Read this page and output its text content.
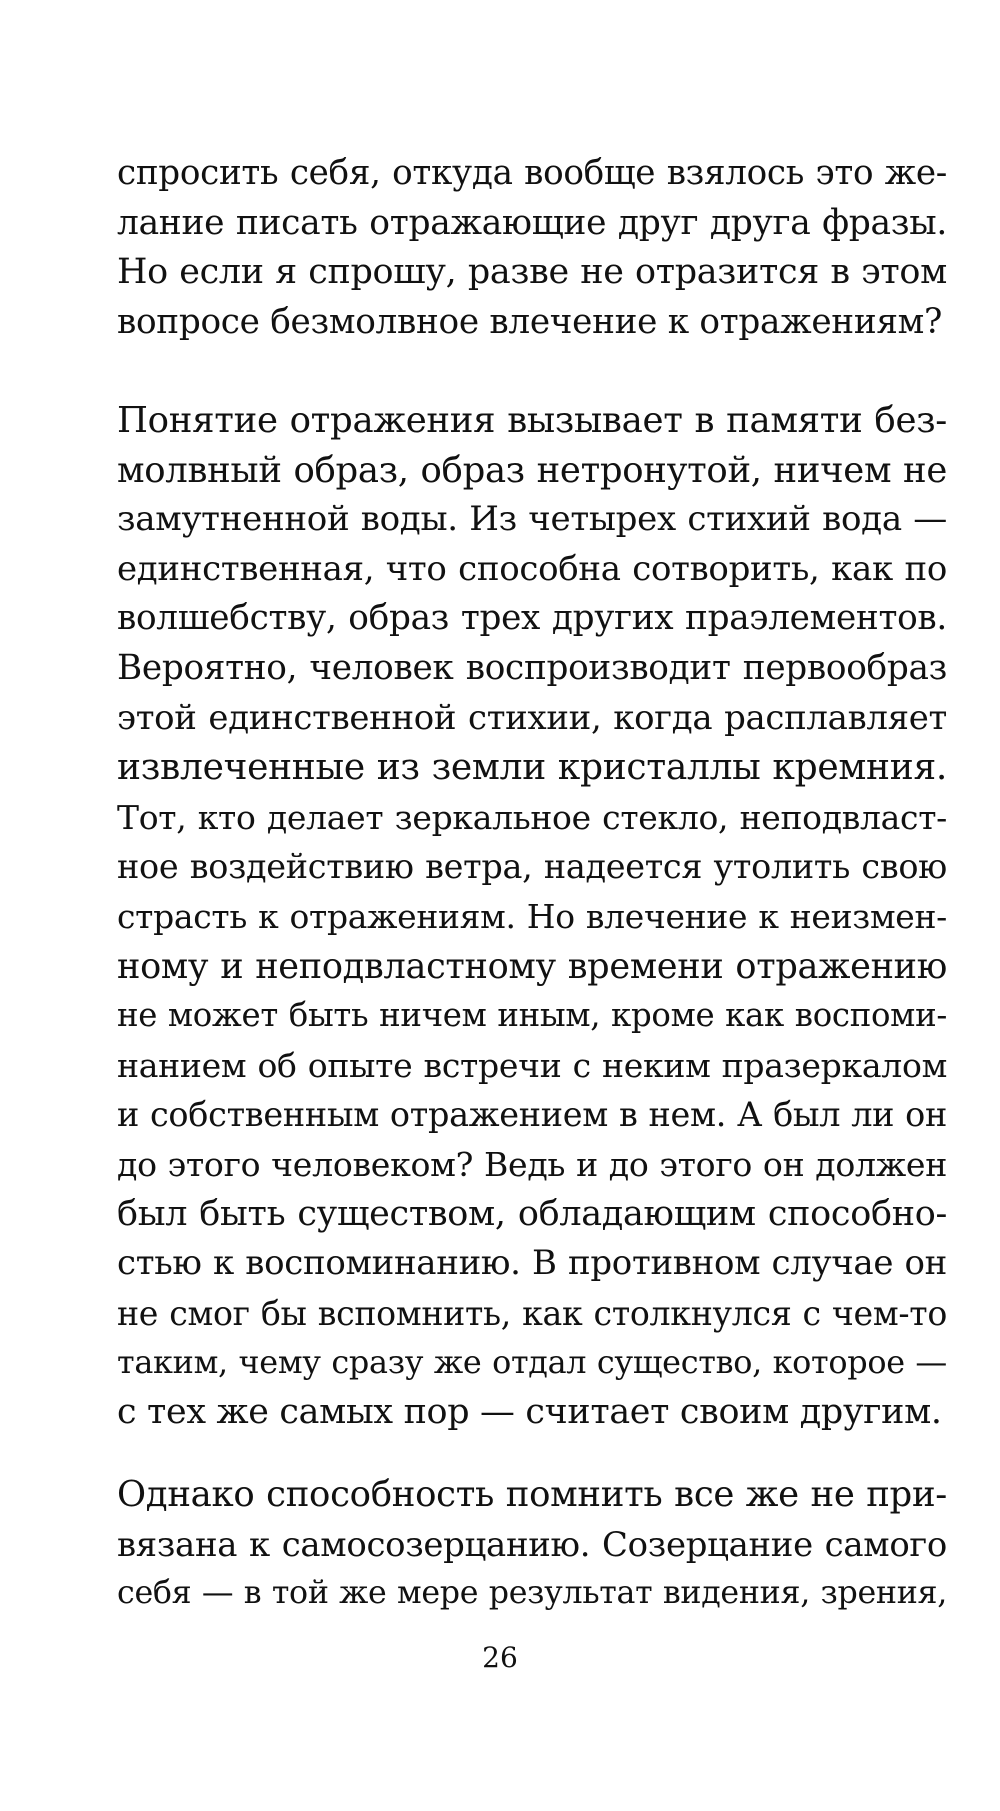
спросить себя, откуда вообще взялось это же-
лание писать отражающие друг друга фразы.
Но если я спрошу, разве не отразится в этом
вопросе безмолвное влечение к отражениям?
Понятие отражения вызывает в памяти без-
молвный образ, образ нетронутой, ничем не
замутненной воды. Из четырех стихий вода —
единственная, что способна сотворить, как по
волшебству, образ трех других праэлементов.
Вероятно, человек воспроизводит первообраз
этой единственной стихии, когда расплавляет
извлеченные из земли кристаллы кремния.
Тот, кто делает зеркальное стекло, неподвласт-
ное воздействию ветра, надеется утолить свою
страсть к отражениям. Но влечение к неизмен-
ному и неподвластному времени отражению
не может быть ничем иным, кроме как воспоми-
нанием об опыте встречи с неким празеркалом
и собственным отражением в нем. А был ли он
до этого человеком? Ведь и до этого он должен
был быть существом, обладающим способно-
стью к воспоминанию. В противном случае он
не смог бы вспомнить, как столкнулся с чем-то
таким, чему сразу же отдал существо, которое —
с тех же самых пор — считает своим другим.
Однако способность помнить все же не при-
вязана к самосозерцанию. Созерцание самого
себя — в той же мере результат видения, зрения,
26
